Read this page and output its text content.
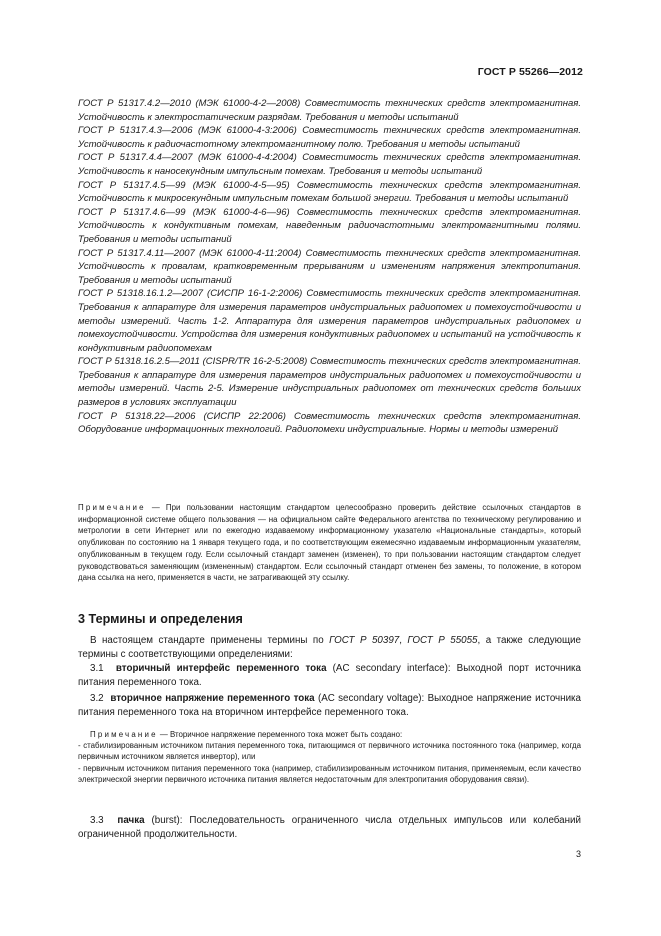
ГОСТ Р 55266—2012

ГОСТ Р 51317.4.2—2010 (МЭК 61000-4-2—2008) Совместимость технических средств электромагнитная. Устойчивость к электростатическим разрядам. Требования и методы испытаний

ГОСТ Р 51317.4.3—2006 (МЭК 61000-4-3:2006) Совместимость технических средств электромагнитная. Устойчивость к радиочастотному электромагнитному полю. Требования и методы испытаний

ГОСТ Р 51317.4.4—2007 (МЭК 61000-4-4:2004) Совместимость технических средств электромагнитная. Устойчивость к наносекундным импульсным помехам. Требования и методы испытаний

ГОСТ Р 51317.4.5—99 (МЭК 61000-4-5—95) Совместимость технических средств электромагнитная. Устойчивость к микросекундным импульсным помехам большой энергии. Требования и методы испытаний

ГОСТ Р 51317.4.6—99 (МЭК 61000-4-6—96) Совместимость технических средств электромагнитная. Устойчивость к кондуктивным помехам, наведенным радиочастотными электромагнитными полями. Требования и методы испытаний

ГОСТ Р 51317.4.11—2007 (МЭК 61000-4-11:2004) Совместимость технических средств электромагнитная. Устойчивость к провалам, кратковременным прерываниям и изменениям напряжения электропитания. Требования и методы испытаний

ГОСТ Р 51318.16.1.2—2007 (СИСПР 16-1-2:2006) Совместимость технических средств электромагнитная. Требования к аппаратуре для измерения параметров индустриальных радиопомех и помехоустойчивости и методы измерений. Часть 1-2. Аппаратура для измерения параметров индустриальных радиопомех и помехоустойчивости. Устройства для измерения кондуктивных радиопомех и испытаний на устойчивость к кондуктивным радиопомехам

ГОСТ Р 51318.16.2.5—2011 (CISPR/TR 16-2-5:2008) Совместимость технических средств электромагнитная. Требования к аппаратуре для измерения параметров индустриальных радиопомех и помехоустойчивости и методы измерений. Часть 2-5. Измерение индустриальных радиопомех от технических средств больших размеров в условиях эксплуатации

ГОСТ Р 51318.22—2006 (СИСПР 22:2006) Совместимость технических средств электромагнитная. Оборудование информационных технологий. Радиопомехи индустриальные. Нормы и методы измерений

Примечание — При пользовании настоящим стандартом целесообразно проверить действие ссылочных стандартов в информационной системе общего пользования — на официальном сайте Федерального агентства по техническому регулированию и метрологии в сети Интернет или по ежегодно издаваемому информационному указателю «Национальные стандарты», который опубликован по состоянию на 1 января текущего года, и по соответствующим ежемесячно издаваемым информационным указателям, опубликованным в текущем году. Если ссылочный стандарт заменен (изменен), то при пользовании настоящим стандартом следует руководствоваться заменяющим (измененным) стандартом. Если ссылочный стандарт отменен без замены, то положение, в котором дана ссылка на него, применяется в части, не затрагивающей эту ссылку.

3 Термины и определения

В настоящем стандарте применены термины по ГОСТ Р 50397, ГОСТ Р 55055, а также следующие термины с соответствующими определениями:

3.1 вторичный интерфейс переменного тока (AC secondary interface): Выходной порт источника питания переменного тока.

3.2 вторичное напряжение переменного тока (AC secondary voltage): Выходное напряжение источника питания переменного тока на вторичном интерфейсе переменного тока.

Примечание — Вторичное напряжение переменного тока может быть создано:
- стабилизированным источником питания переменного тока, питающимся от первичного источника постоянного тока (например, когда первичным источником является инвертор), или
- первичным источником питания переменного тока (например, стабилизированным источником питания, применяемым, если качество электрической энергии первичного источника питания является недостаточным для электропитания оборудования связи).

3.3 пачка (burst): Последовательность ограниченного числа отдельных импульсов или колебаний ограниченной продолжительности.

3
